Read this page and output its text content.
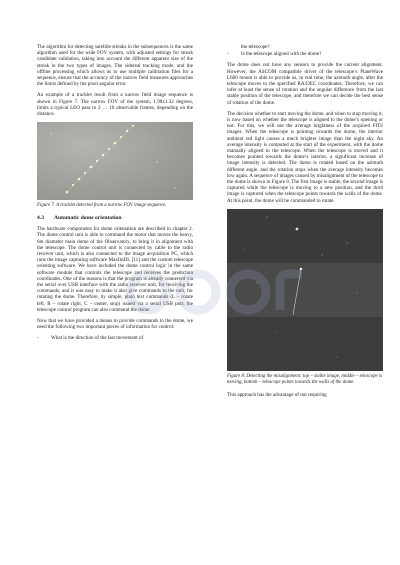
The algorithm for detecting satellite streaks in the subsequences is the same algorithm used for the wide FOV system, with adjusted settings for streak candidate validation, taking into account the different apparent size of the streak in the two types of images. The sidereal tracking mode, and the offline processing which allows us to use multiple calibration files for a sequence, ensure that the accuracy of the narrow field measures approaches the limits defined by the pixel angular error.

An example of a tracklet result from a narrow field image sequence is shown in Figure 7. The narrow FOV of the system, 1.98x1.32 degrees, limits a typical LEO pass to 2 … 10 observable frames, depending on the distance.

Figure 7. A tracklet detected from a narrow FOV image sequence.

4.3 Automatic dome orientation

The hardware components for dome orientation are described in chapter 2. The dome control unit is able to command the motor that moves the heavy, 6m diameter main dome of the Observatory, to bring it in alignment with the telescope. The dome control unit is connected by cable to the radio receiver unit, which is also connected to the image acquisition PC, which runs the image capturing software MaxImDL [11] and the custom telescope orienting software. We have included the dome control logic in the same software module that controls the telescope and receives the prediction coordinates. One of the reasons is that the program is already connected via the serial over USB interface with the radio receiver unit, for receiving the commands, and it was easy to make it also give commands to the unit, for rotating the dome. Therefore, by simple, plain text commands (L – rotate left, R – rotate right, C – center, stop) issued via a serial USB port, the telescope control program can also command the dome.

Now that we have provided a means to provide commands to the dome, we need the following two important pieces of information for control:

-	What is the direction of the last movement of
the telescope?
-	Is the telescope aligned with the dome?

The dome does not have any sensors to provide the current alignment. However, the ASCOM compatible driver of the telescope’s PlaneWave L600 mount is able to provide us, in real time, the azimuth angle, after the telescope moves to the specified RA/DEC coordinates. Therefore, we can infer at least the sense of rotation and the angular difference from the last stable position of the telescope, and therefore we can decide the best sense of rotation of the dome.

The decision whether to start moving the dome, and when to stop moving it, is now based on whether the telescope is aligned to the dome’s opening or not. For this, we will use the average brightness of the acquired FITS images. When the telescope is pointing towards the dome, the interior ambient red light causes a much brighter image than the night sky. An average intensity is computed at the start of the experiment, with the dome manually aligned to the telescope. When the telescope is moved and it becomes pointed towards the dome’s interior, a significant increase of image intensity is detected. The dome is rotated based on the azimuth different angle, and the rotation stops when the average intensity becomes low again. A sequence of images caused by misalignment of the telescope to the dome is shown in Figure 8. The first image is stable, the second image is captured while the telescope is moving to a new position, and the third image is captured when the telescope points towards the walls of the dome. At this point, the dome will be commanded to rotate.

Figure 8. Detecting the misalignment: top – stable image, middle – telescope is moving, bottom – telescope points towards the walls of the dome.

This approach has the advantage of not requiring
